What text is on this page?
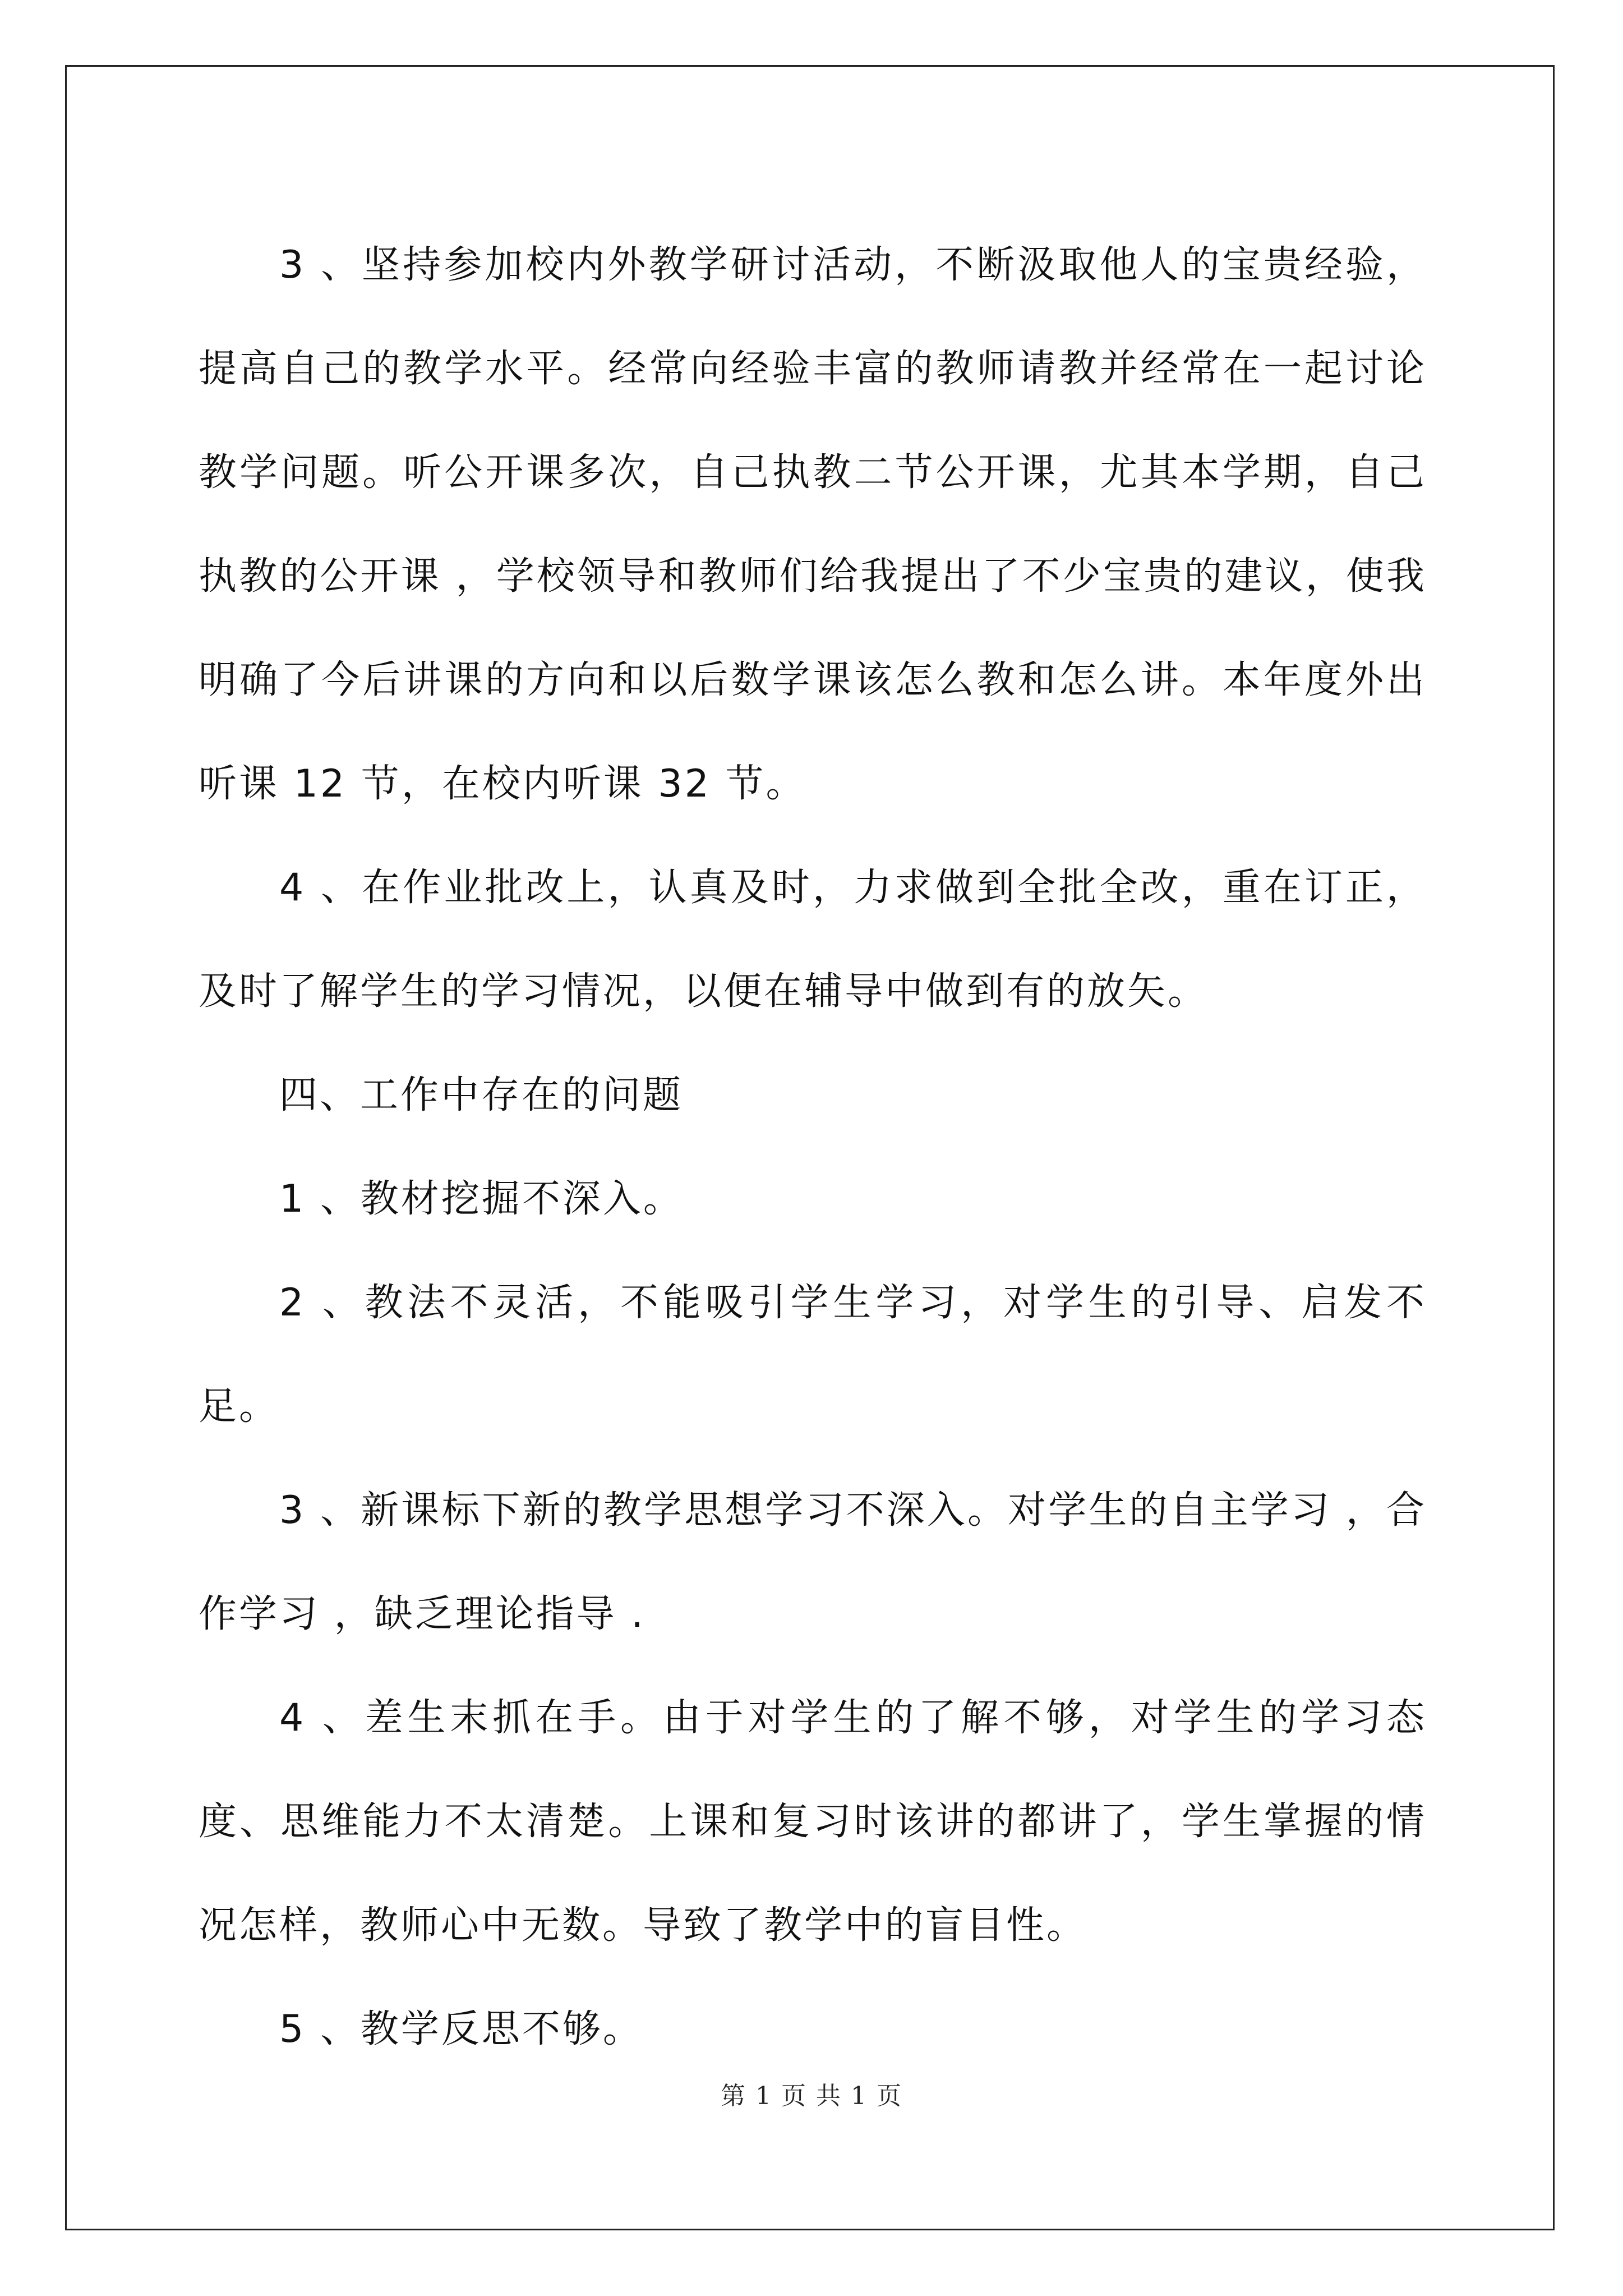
3 、坚持参加校内外教学研讨活动，不断汲取他人的宝贵经验，提高自己的教学水平。经常向经验丰富的教师请教并经常在一起讨论教学问题。听公开课多次，自己执教二节公开课，尤其本学期，自己执教的公开课 ，学校领导和教师们给我提出了不少宝贵的建议，使我明确了今后讲课的方向和以后数学课该怎么教和怎么讲。本年度外出听课 12 节，在校内听课 32 节。

4 、在作业批改上，认真及时，力求做到全批全改，重在订正，及时了解学生的学习情况，以便在辅导中做到有的放矢。

四、工作中存在的问题

1 、教材挖掘不深入。

2 、教法不灵活，不能吸引学生学习，对学生的引导、启发不足。

3 、新课标下新的教学思想学习不深入。对学生的自主学习 ，合作学习 ，缺乏理论指导 .

4 、差生末抓在手。由于对学生的了解不够，对学生的学习态度、思维能力不太清楚。上课和复习时该讲的都讲了，学生掌握的情况怎样，教师心中无数。导致了教学中的盲目性。

5 、教学反思不够。

第 1 页 共 1 页
